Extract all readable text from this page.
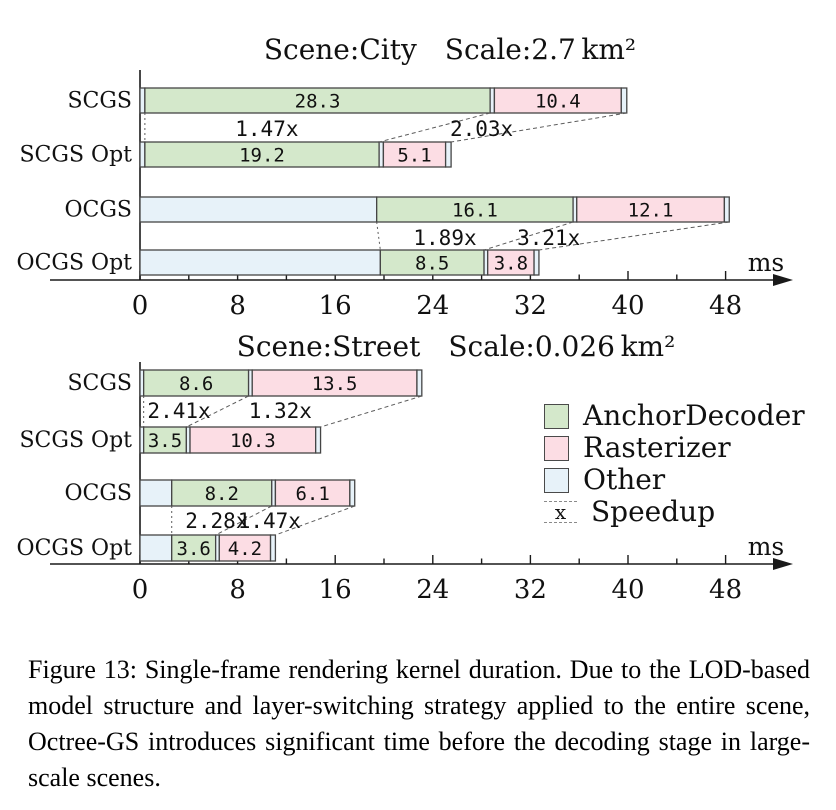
Scene:City  Scale:2.7 km²
ms
0	8	16 24 32 40 48
SCGS	28.3	10.4
SCGS Opt	19.2	5.1
OCGS	16.1	12.1
OCGS Opt	8.5 3.8
1.47x	2.03x
1.89x 3.21x
Scene:Street  Scale:0.026 km²
ms
0	8	16 24 32 40 48
SCGS 8.6	13.5
SCGS Opt 3.5	10.3
OCGS	8.2	6.1
OCGS Opt 3.6 4.2
2.41x 1.32x
2.28x
1.47x
AnchorDecoder
Rasterizer
Other
x Speedup

Figure 13: Single-frame rendering kernel duration. Due to the LOD-based model structure and layer-switching strategy applied to the entire scene, Octree-GS introduces significant time before the decoding stage in large-scale scenes.
